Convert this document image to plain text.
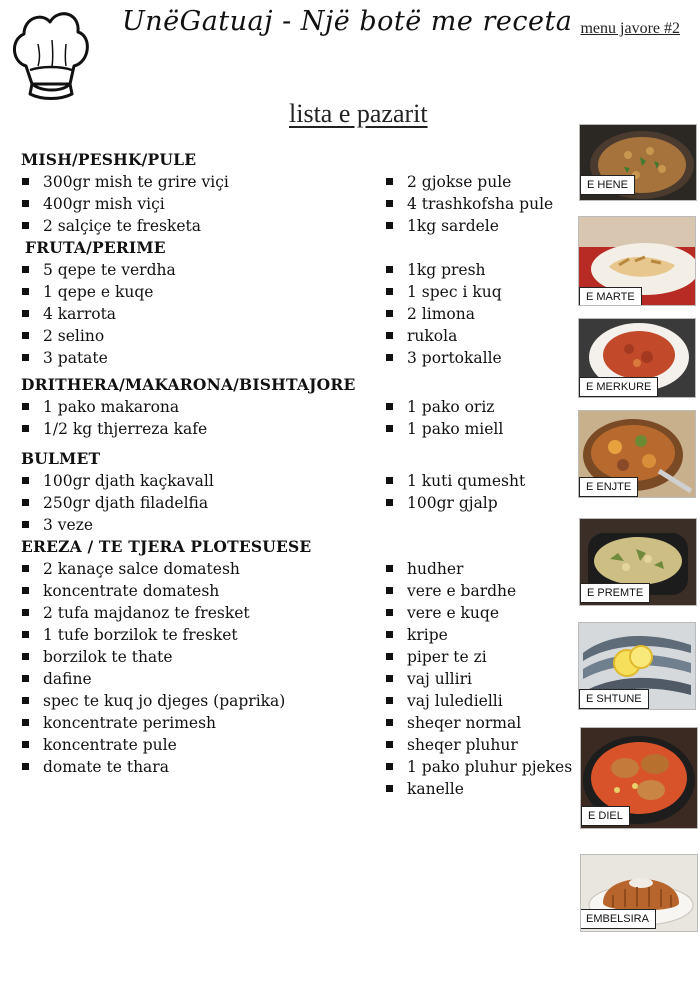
UnëGatuaj - Një botë me receta menu javore #2
lista e pazarit
MISH/PESHK/PULE
300gr mish te grire viçi
400gr mish viçi
2 salçiçe te fresketa
2 gjokse pule
4 trashkofsha pule
1kg sardele
FRUTA/PERIME
5 qepe te verdha
1 qepe e kuqe
4 karrota
2 selino
3 patate
1kg presh
1 spec i kuq
2 limona
rukola
3 portokalle
DRITHERA/MAKARONA/BISHTAJORE
1 pako makarona
1/2 kg thjerreza kafe
1 pako oriz
1 pako miell
BULMET
100gr djath kaçkavall
250gr djath filadelfia
3 veze
1 kuti qumesht
100gr gjalp
EREZA / TE TJERA PLOTESUESE
2 kanaçe salce domatesh
koncentrate domatesh
2 tufa majdanoz te fresket
1 tufe borzilok te fresket
borzilok te thate
dafine
spec te kuq jo djeges (paprika)
koncentrate perimesh
koncentrate pule
domate te thara
hudher
vere e bardhe
vere e kuqe
kripe
piper te zi
vaj ulliri
vaj luledielli
sheqer normal
sheqer pluhur
1 pako pluhur pjekes
kanelle
E HENE
E MARTE
E MERKURE
E ENJTE
E PREMTE
E SHTUNE
E DIEL
EMBELSIRA
